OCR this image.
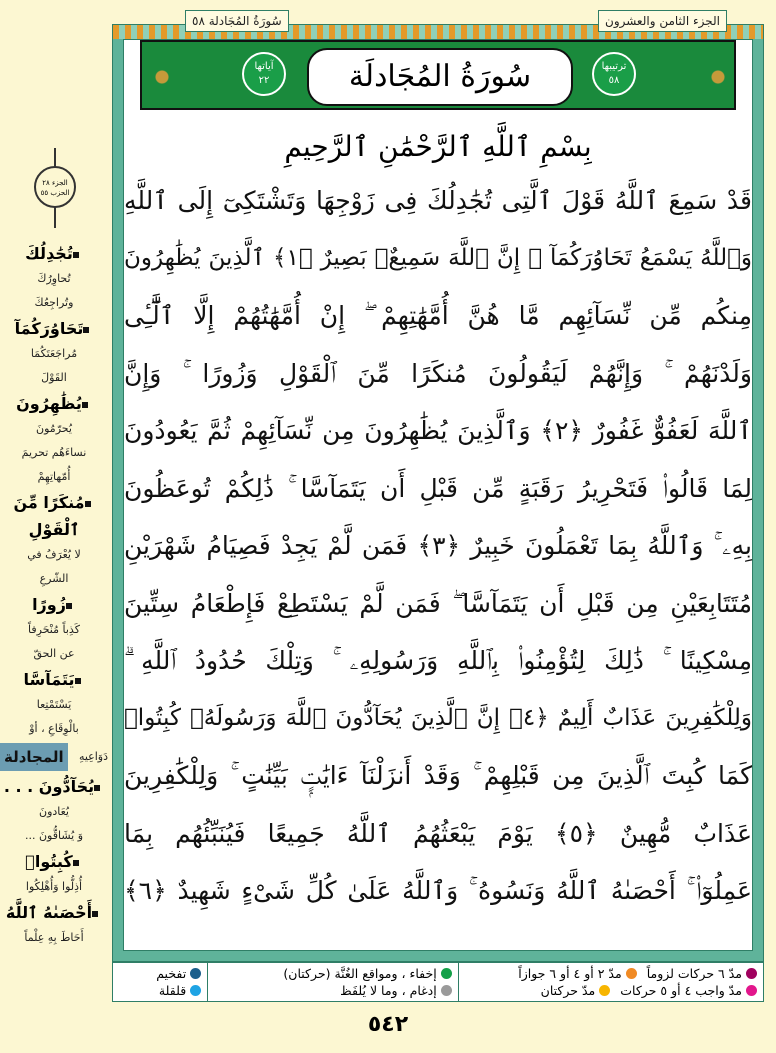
سُورَةُ المُجَادلة ٥٨	الجزء الثامن والعشرون
آياتها
٢٢	سُورَةُ المُجَادلَة	ترتيبها
٥٨
بِسْمِ ٱللَّهِ ٱلرَّحْمَٰنِ ٱلرَّحِيمِ
قَدْ سَمِعَ ٱللَّهُ قَوْلَ ٱلَّتِى تُجَٰدِلُكَ فِى زَوْجِهَا وَتَشْتَكِىٓ إِلَى ٱللَّهِ
وَٱللَّهُ يَسْمَعُ تَحَاوُرَكُمَآ ۚ إِنَّ ٱللَّهَ سَمِيعٌۢ بَصِيرٌ ﴿١﴾ ٱلَّذِينَ يُظَٰهِرُونَ
مِنكُم مِّن نِّسَآئِهِم مَّا هُنَّ أُمَّهَٰتِهِمْ ۖ إِنْ أُمَّهَٰتُهُمْ إِلَّا ٱلَّٰٓـِٔى
وَلَدْنَهُمْ ۚ وَإِنَّهُمْ لَيَقُولُونَ مُنكَرًا مِّنَ ٱلْقَوْلِ وَزُورًا ۚ وَإِنَّ
ٱللَّهَ لَعَفُوٌّ غَفُورٌ ﴿٢﴾ وَٱلَّذِينَ يُظَٰهِرُونَ مِن نِّسَآئِهِمْ ثُمَّ يَعُودُونَ
لِمَا قَالُوا۟ فَتَحْرِيرُ رَقَبَةٍ مِّن قَبْلِ أَن يَتَمَآسَّا ۚ ذَٰلِكُمْ تُوعَظُونَ
بِهِۦ ۚ وَٱللَّهُ بِمَا تَعْمَلُونَ خَبِيرٌ ﴿٣﴾ فَمَن لَّمْ يَجِدْ فَصِيَامُ شَهْرَيْنِ
مُتَتَابِعَيْنِ مِن قَبْلِ أَن يَتَمَآسَّا ۖ فَمَن لَّمْ يَسْتَطِعْ فَإِطْعَامُ سِتِّينَ
مِسْكِينًا ۚ ذَٰلِكَ لِتُؤْمِنُوا۟ بِٱللَّهِ وَرَسُولِهِۦ ۚ وَتِلْكَ حُدُودُ ٱللَّهِ ۗ
وَلِلْكَٰفِرِينَ عَذَابٌ أَلِيمٌ ﴿٤﴾ إِنَّ ٱلَّذِينَ يُحَآدُّونَ ٱللَّهَ وَرَسُولَهُۥ كُبِتُوا۟
كَمَا كُبِتَ ٱلَّذِينَ مِن قَبْلِهِمْ ۚ وَقَدْ أَنزَلْنَآ ءَايَٰتٍۭ بَيِّنَٰتٍ ۚ وَلِلْكَٰفِرِينَ
عَذَابٌ مُّهِينٌ ﴿٥﴾ يَوْمَ يَبْعَثُهُمُ ٱللَّهُ جَمِيعًا فَيُنَبِّئُهُم بِمَا
عَمِلُوٓا۟ ۚ أَحْصَىٰهُ ٱللَّهُ وَنَسُوهُ ۚ وَٱللَّهُ عَلَىٰ كُلِّ شَىْءٍ شَهِيدٌ ﴿٦﴾
الجزء ٢٨
الحزب ٥٥
تُجَٰدِلُكَ
تُحاوِرُكَ
وتُراجِعُكَ
تَحَاوُرَكُمَآ
مُراجَعَتَكُمَا
القَوْلَ
يُظَٰهِرُونَ
يُحرّمُونَ
نساءَهُم تحريمَ
أُمّهاتِهِمْ
مُنكَرًا مِّنَ ٱلْقَوْلِ
لا يُعْرَفُ في
الشّرعِ
زُورًا
كَذِباً مُنْحَرِفاً
عن الحقّ
يَتَمَآسَّا
يَسْتَمْتِعا
بالْوِقَاعِ ، أوْ
دَوَاعِيهِ
المجادلة
يُحَآدُّونَ . . .
يُعَادونَ
وَ يُشَاقُّونَ ...
كُبِتُوا۟
أُذِلُّوا وَأُهْلِكُوا
أَحْصَىٰهُ ٱللَّهُ
أَحَاطَ بِهِ عِلْماً
مدّ ٦ حركات لزوماً
مدّ ٢ أو ٤ أو ٦ جوازاً
مدّ واجب ٤ أو ٥ حركات
مدّ حركتان
إخفاء ، ومواقع الغُنَّة (حركتان)
إدغام ، وما لا يُلفَظ
تفخيم
قلقلة
٥٤٢
